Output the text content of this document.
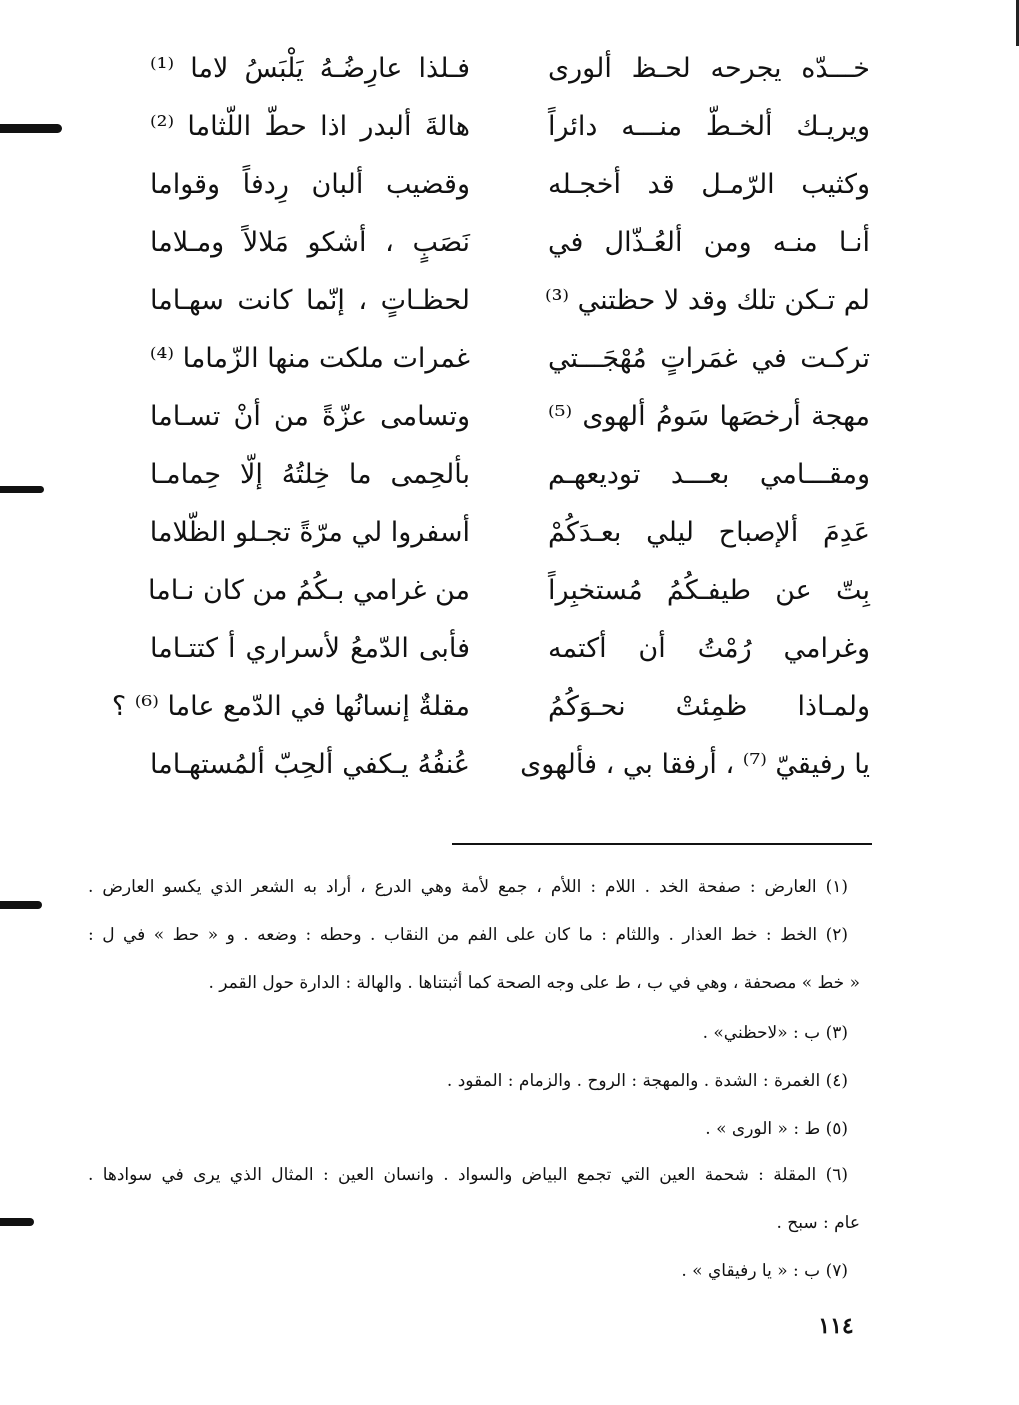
خـــدّه يجرحه لحـظ ألورى
فـلذا عارِضُـهُ يَلْبَسُ لاما ⁽¹⁾
ويريـك ألخـطّ منـــه دائراً
هالةَ ألبدر اذا حطّ اللّثاما ⁽²⁾
وكثيب الرّمـل قد أخجـله
وقضيب ألبان رِدفاً وقواما
أنـا منـه ومن ألعُـذّال في
نَصَبٍ ، أشكو مَلالاً ومـلاما
لم تـكن تلك وقد لا حظتني ⁽³⁾
لحظـاتٍ ، إنّما كانت سهـاما
تركـت في غمَراتٍ مُهْجَـــتي
غمرات ملكت منها الزّماما ⁽⁴⁾
مهجة أرخصَها سَومُ ألهوى ⁽⁵⁾
وتسامى عزّةً من أنْ تسـاما
ومقـــامي بعـــد توديعهـم
بألحِمى ما خِلتُهُ إلّا حِمامـا
عَدِمَ ألإصباح ليلي بعـدَكُمْ
أسفروا لي مرّةً تجـلو الظّلاما
بِتّ عن طيفـكُمُ مُستخبِراً
من غرامي بـكُمُ من كان نـاما
وغرامي رُمْتُ أن أكتمه
فأبى الدّمعُ لأسراري أ كتتـاما
ولمـاذا ظمِئتْ نحـوَكُمُ
مقلةٌ إنسانُها في الدّمع عاما ⁽⁶⁾ ؟
يا رفيقيّ ⁽⁷⁾ ، أرفقا بي ، فألهوى
عُنفُهُ يـكفي ألحِبّ ألمُستهـاما
(١) العارض : صفحة الخد . اللام : اللأم ، جمع لأمة وهي الدرع ، أراد به الشعر الذي يكسو العارض .
(٢) الخط : خط العذار . واللثام : ما كان على الفم من النقاب . وحطه : وضعه . و « حط » في ل :
« خط » مصحفة ، وهي في ب ، ط على وجه الصحة كما أثبتناها . والهالة : الدارة حول القمر .
(٣) ب : «لاحظني» .
(٤) الغمرة : الشدة . والمهجة : الروح . والزمام : المقود .
(٥) ط : « الورى » .
(٦) المقلة : شحمة العين التي تجمع البياض والسواد . وانسان العين : المثال الذي يرى في سوادها .
عام : سبح .
(٧) ب : « يا رفيقاي » .
١١٤
